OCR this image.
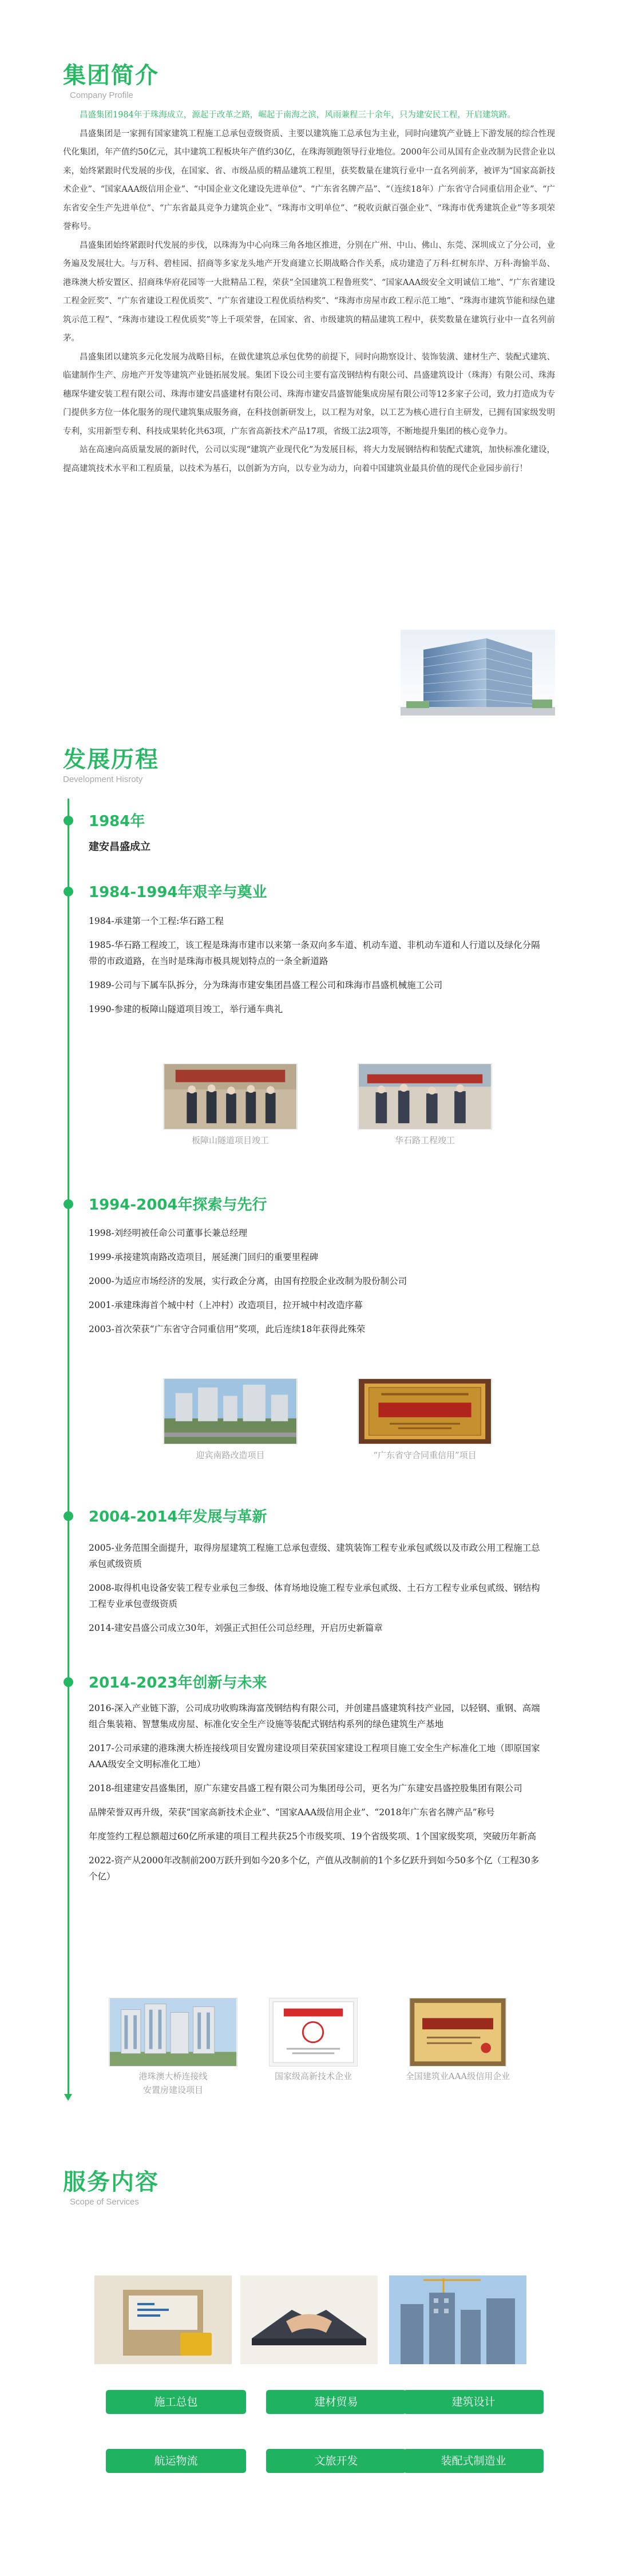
集团简介
Company Profile

昌盛集团1984年于珠海成立，源起于改革之路，崛起于南海之滨，风雨兼程三十余年，只为建安民工程，开启建筑路。

昌盛集团是一家拥有国家建筑工程施工总承包壹级资质、主要以建筑施工总承包为主业，同时向建筑产业链上下游发展的综合性现代化集团，年产值约50亿元，其中建筑工程板块年产值约30亿，在珠海领跑领导行业地位。2000年公司从国有企业改制为民营企业以来，始终紧跟时代发展的步伐，在国家、省、市级品质的精品建筑工程里，获奖数量在建筑行业中一直名列前茅，被评为“国家高新技术企业”、“国家AAA级信用企业”、“中国企业文化建设先进单位”、“广东省名牌产品”、“（连续18年）广东省守合同重信用企业”、“广东省安全生产先进单位”、“广东省最具竞争力建筑企业”、“珠海市文明单位”、“税收贡献百强企业”、“珠海市优秀建筑企业”等多项荣誉称号。

昌盛集团始终紧跟时代发展的步伐，以珠海为中心向珠三角各地区推进，分别在广州、中山、佛山、东莞、深圳成立了分公司，业务遍及发展壮大。与万科、碧桂园、招商等多家龙头地产开发商建立长期战略合作关系，成功建造了万科·红树东岸、万科·海愉半岛、港珠澳大桥安置区、招商珠华府花园等一大批精品工程，荣获“全国建筑工程鲁班奖”、“国家AAA级安全文明诚信工地”、“广东省建设工程金匠奖”、“广东省建设工程优质奖”、“广东省建设工程优质结构奖”、“珠海市房屋市政工程示范工地”、“珠海市建筑节能和绿色建筑示范工程”、“珠海市建设工程优质奖”等上千项荣誉，在国家、省、市级建筑的精品建筑工程中，获奖数量在建筑行业中一直名列前茅。

昌盛集团以建筑多元化发展为战略目标，在做优建筑总承包优势的前提下，同时向勘察设计、装饰装潢、建材生产、装配式建筑、临建制作生产、房地产开发等建筑产业链拓展发展。集团下设公司主要有富茂钢结构有限公司、昌盛建筑设计（珠海）有限公司、珠海穗琛华建安装工程有限公司、珠海市建安昌盛建材有限公司、珠海市建安昌盛智能集成房屋有限公司等12多家子公司，致力打造成为专门提供多方位一体化服务的现代建筑集成服务商，在科技创新研发上，以工程为对象，以工艺为核心进行自主研发，已拥有国家级发明专利，实用新型专利、科技成果转化共63项，广东省高新技术产品17项，省级工法2项等，不断地提升集团的核心竞争力。

站在高速向高质量发展的新时代，公司以实现“建筑产业现代化”为发展目标，将大力发展钢结构和装配式建筑，加快标准化建设，提高建筑技术水平和工程质量，以技术为基石，以创新为方向，以专业为动力，向着中国建筑业最具价值的现代企业园步前行！

发展历程
Development Hisroty
1984年
建安昌盛成立
1984-1994年艰辛与奠业
1984-承建第一个工程:华石路工程
1985-华石路工程竣工，该工程是珠海市建市以来第一条双向多车道、机动车道、非机动车道和人行道以及绿化分隔带的市政道路，在当时是珠海市极具规划特点的一条全新道路
1989-公司与下属车队拆分，分为珠海市建安集团昌盛工程公司和珠海市昌盛机械施工公司
1990-参建的板障山隧道项目竣工，举行通车典礼
板障山隧道项目竣工	华石路工程竣工
1994-2004年探索与先行
1998-刘经明被任命公司董事长兼总经理
1999-承接建筑南路改造项目，展延澳门回归的重要里程碑
2000-为适应市场经济的发展，实行政企分离，由国有控股企业改制为股份制公司
2001-承建珠海首个城中村（上冲村）改造项目，拉开城中村改造序幕
2003-首次荣获“广东省守合同重信用”奖项，此后连续18年获得此殊荣
迎宾南路改造项目	“广东省守合同重信用”项目
2004-2014年发展与革新
2005-业务范围全面提升，取得房屋建筑工程施工总承包壹级、建筑装饰工程专业承包贰级以及市政公用工程施工总承包贰级资质
2008-取得机电设备安装工程专业承包三参级、体育场地设施工程专业承包贰级、土石方工程专业承包贰级、钢结构工程专业承包壹级资质
2014-建安昌盛公司成立30年，刘强正式担任公司总经理，开启历史新篇章
2014-2023年创新与未来
2016-深入产业链下游，公司成功收购珠海富茂钢结构有限公司，并创建昌盛建筑科技产业园，以轻钢、重钢、高端组合集装箱、智慧集成房屋、标准化安全生产设施等装配式钢结构系列的绿色建筑生产基地
2017-公司承建的港珠澳大桥连接线项目安置房建设项目荣获国家建设工程项目施工安全生产标准化工地（即原国家AAA级安全文明标准化工地）
2018-组建建安昌盛集团，原广东建安昌盛工程有限公司为集团母公司，更名为广东建安昌盛控股集团有限公司
品牌荣誉双再升级，荣获“国家高新技术企业”、“国家AAA级信用企业”、“2018年广东省名牌产品”称号
年度签约工程总额超过60亿所承建的项目工程共获25个市级奖项、19个省级奖项、1个国家级奖项，突破历年新高
2022-资产从2000年改制前200万跃升到如今20多个亿，产值从改制前的1个多亿跃升到如今50多个亿（工程30多个亿）
港珠澳大桥连接线
安置房建设项目
国家级高新技术企业	全国建筑业AAA级信用企业
服务内容
Scope of Services
施工总包	建材贸易	建筑设计
航运物流	文旅开发	装配式制造业
